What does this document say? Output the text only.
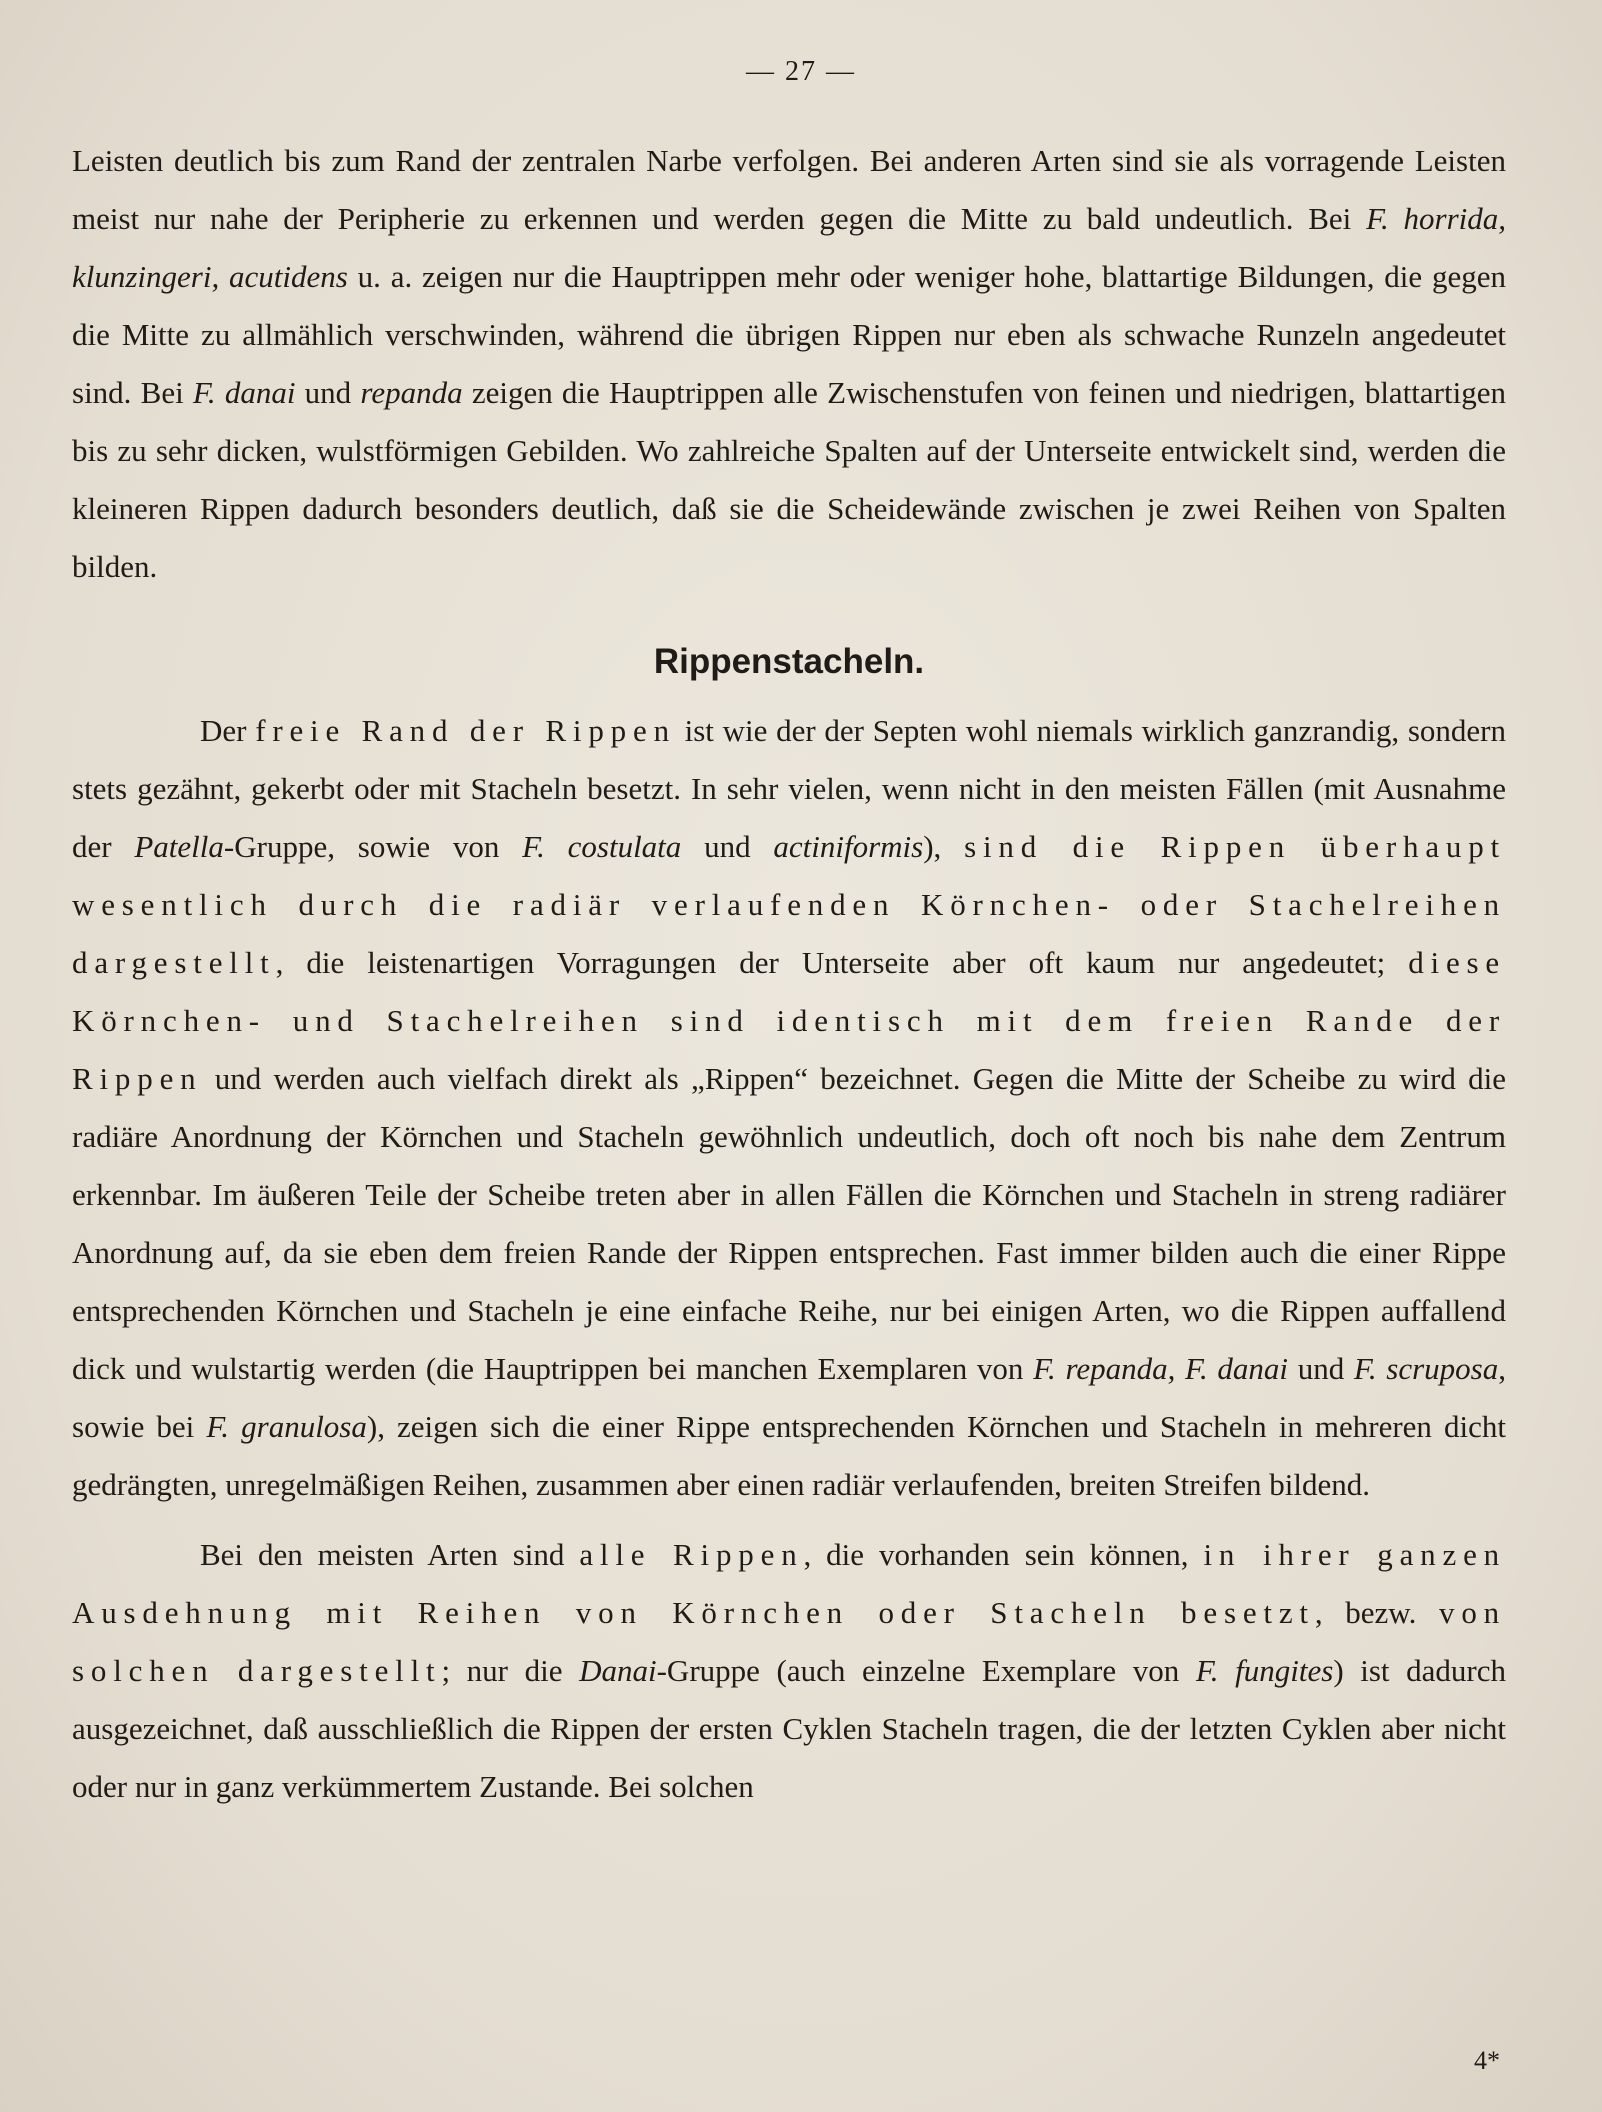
— 27 —

Leisten deutlich bis zum Rand der zentralen Narbe verfolgen. Bei anderen Arten sind sie als vorragende Leisten meist nur nahe der Peripherie zu erkennen und werden gegen die Mitte zu bald undeutlich. Bei F. horrida, klunzingeri, acutidens u. a. zeigen nur die Hauptrippen mehr oder weniger hohe, blattartige Bildungen, die gegen die Mitte zu allmählich verschwinden, während die übrigen Rippen nur eben als schwache Runzeln angedeutet sind. Bei F. danai und repanda zeigen die Hauptrippen alle Zwischenstufen von feinen und niedrigen, blattartigen bis zu sehr dicken, wulstförmigen Gebilden. Wo zahlreiche Spalten auf der Unterseite entwickelt sind, werden die kleineren Rippen dadurch besonders deutlich, daß sie die Scheidewände zwischen je zwei Reihen von Spalten bilden.

Rippenstacheln.

Der freie Rand der Rippen ist wie der der Septen wohl niemals wirklich ganzrandig, sondern stets gezähnt, gekerbt oder mit Stacheln besetzt. In sehr vielen, wenn nicht in den meisten Fällen (mit Ausnahme der Patella-Gruppe, sowie von F. costulata und actiniformis), sind die Rippen überhaupt wesentlich durch die radiär verlaufenden Körnchen- oder Stachelreihen dargestellt, die leistenartigen Vorragungen der Unterseite aber oft kaum nur angedeutet; diese Körnchen- und Stachelreihen sind identisch mit dem freien Rande der Rippen und werden auch vielfach direkt als „Rippen“ bezeichnet. Gegen die Mitte der Scheibe zu wird die radiäre Anordnung der Körnchen und Stacheln gewöhnlich undeutlich, doch oft noch bis nahe dem Zentrum erkennbar. Im äußeren Teile der Scheibe treten aber in allen Fällen die Körnchen und Stacheln in streng radiärer Anordnung auf, da sie eben dem freien Rande der Rippen entsprechen. Fast immer bilden auch die einer Rippe entsprechenden Körnchen und Stacheln je eine einfache Reihe, nur bei einigen Arten, wo die Rippen auffallend dick und wulstartig werden (die Hauptrippen bei manchen Exemplaren von F. repanda, F. danai und F. scruposa, sowie bei F. granulosa), zeigen sich die einer Rippe entsprechenden Körnchen und Stacheln in mehreren dicht gedrängten, unregelmäßigen Reihen, zusammen aber einen radiär verlaufenden, breiten Streifen bildend.

Bei den meisten Arten sind alle Rippen, die vorhanden sein können, in ihrer ganzen Ausdehnung mit Reihen von Körnchen oder Stacheln besetzt, bezw. von solchen dargestellt; nur die Danai-Gruppe (auch einzelne Exemplare von F. fungites) ist dadurch ausgezeichnet, daß ausschließlich die Rippen der ersten Cyklen Stacheln tragen, die der letzten Cyklen aber nicht oder nur in ganz verkümmertem Zustande. Bei solchen

4*
